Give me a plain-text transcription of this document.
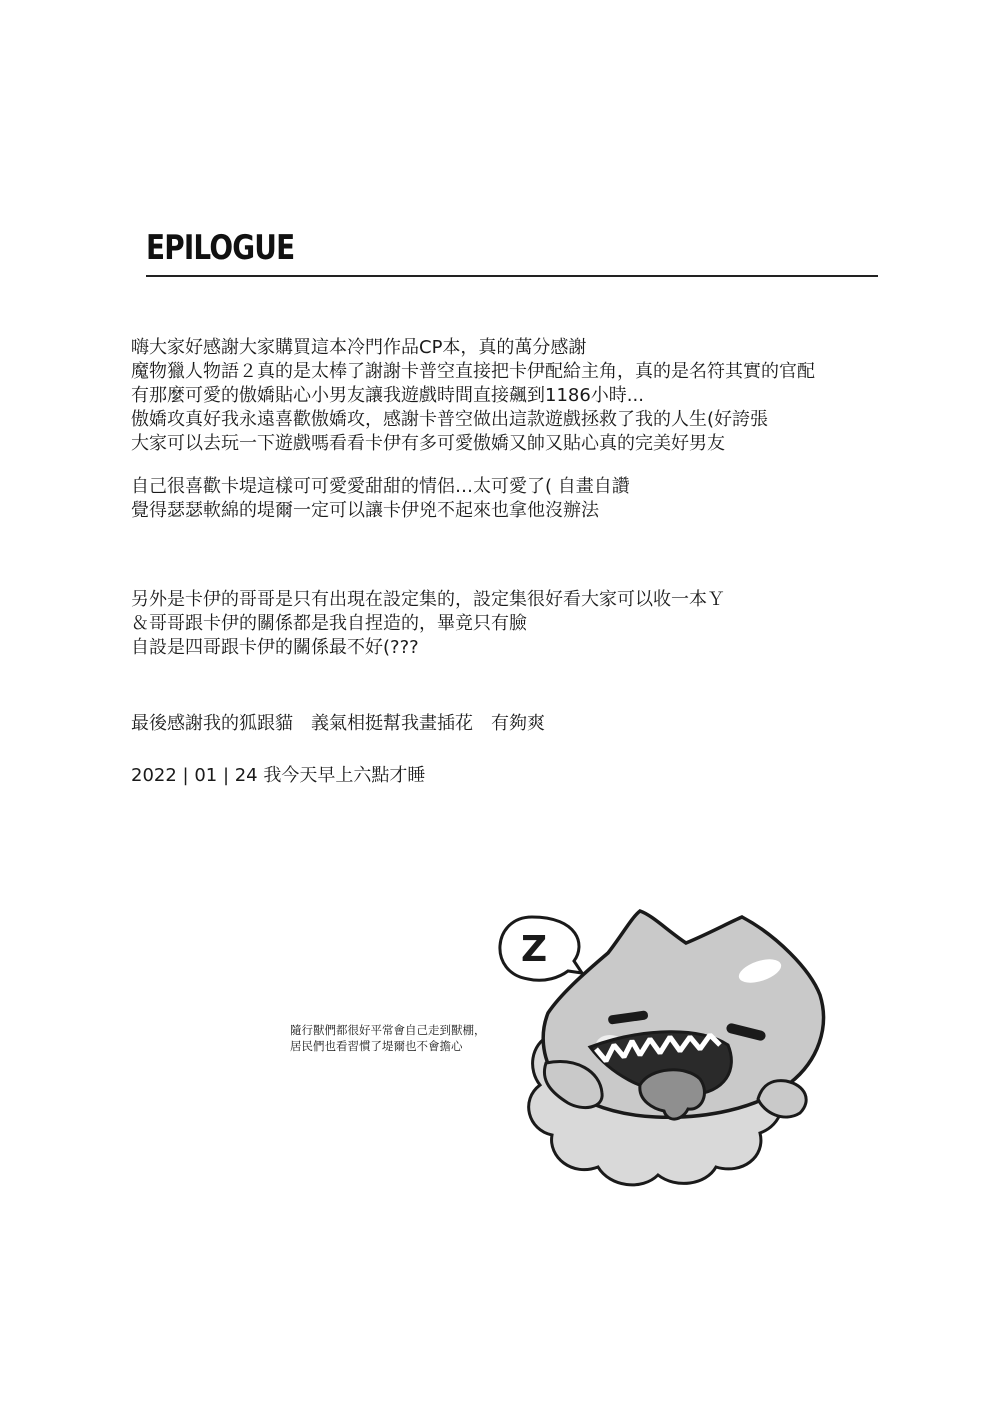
EPILOGUE
嗨大家好感謝大家購買這本冷門作品CP本，真的萬分感謝
魔物獵人物語２真的是太棒了謝謝卡普空直接把卡伊配給主角，真的是名符其實的官配
有那麼可愛的傲嬌貼心小男友讓我遊戲時間直接飆到1186小時...
傲嬌攻真好我永遠喜歡傲嬌攻，感謝卡普空做出這款遊戲拯救了我的人生(好誇張
大家可以去玩一下遊戲嗎看看卡伊有多可愛傲嬌又帥又貼心真的完美好男友
自己很喜歡卡堤這樣可可愛愛甜甜的情侶…太可愛了( 自畫自讚
覺得瑟瑟軟綿的堤爾一定可以讓卡伊兇不起來也拿他沒辦法
另外是卡伊的哥哥是只有出現在設定集的，設定集很好看大家可以收一本Ｙ
＆哥哥跟卡伊的關係都是我自捏造的，畢竟只有臉
自設是四哥跟卡伊的關係最不好(???
最後感謝我的狐跟貓　義氣相挺幫我畫插花　有夠爽
2022 | 01 | 24 我今天早上六點才睡
隨行獸們都很好平常會自己走到獸棚，
居民們也看習慣了堤爾也不會擔心
Z
